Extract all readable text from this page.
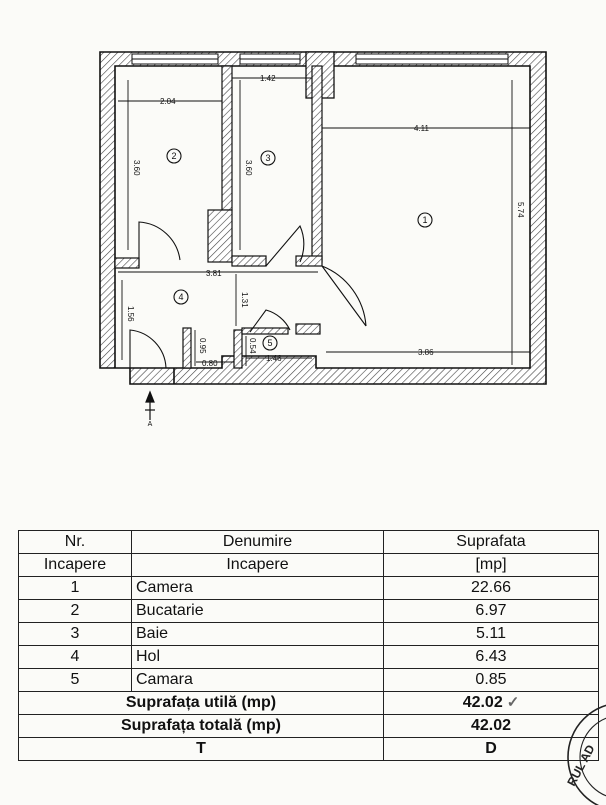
2.04
1.42
4.11
3.60	3.60
5.74
3.81
1.56
1.31
0.95
0.80
0.54
1.46
3.86
1
2	3
4
5
A
Nr.	Denumire	Suprafata
Incapere	Incapere	[mp]
1	Camera	22.66
2	Bucatarie	6.97
3	Baie	5.11
4	Hol	6.43
5	Camara	0.85
Suprafața utilă (mp)		42.02 ✓
Suprafața totală (mp)		42.02
T		D	RUL AD
